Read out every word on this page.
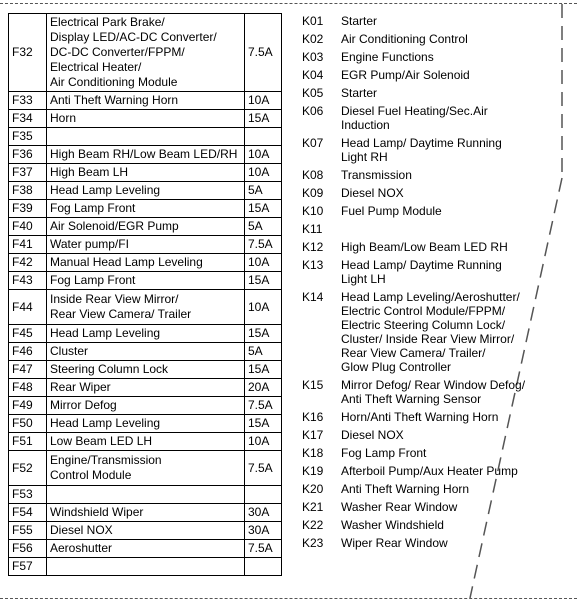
F32	Electrical Park Brake/
Display LED/AC-DC Converter/
DC-DC Converter/FPPM/
Electrical Heater/
Air Conditioning Module	7.5A
F33	Anti Theft Warning Horn	10A
F34	Horn	15A
F35	

F36	High Beam RH/Low Beam LED/RH	10A
F37	High Beam LH	10A
F38	Head Lamp Leveling	5A
F39	Fog Lamp Front	15A
F40	Air Solenoid/EGR Pump	5A
F41	Water pump/FI	7.5A
F42	Manual Head Lamp Leveling	10A
F43	Fog Lamp Front	15A
F44	Inside Rear View Mirror/
Rear View Camera/ Trailer	10A
F45	Head Lamp Leveling	15A
F46	Cluster	5A
F47	Steering Column Lock	15A
F48	Rear Wiper	20A
F49	Mirror Defog	7.5A
F50	Head Lamp Leveling	15A
F51	Low Beam LED LH	10A
F52	Engine/Transmission
Control Module	7.5A
F53	

F54	Windshield Wiper	30A
F55	Diesel NOX	30A
F56	Aeroshutter	7.5A
F57	

K01	Starter
K02	Air Conditioning Control
K03	Engine Functions
K04	EGR Pump/Air Solenoid
K05	Starter
K06	Diesel Fuel Heating/Sec.Air
Induction
K07	Head Lamp/ Daytime Running
Light RH
K08	Transmission
K09	Diesel NOX
K10	Fuel Pump Module
K11

K12	High Beam/Low Beam LED RH
K13	Head Lamp/ Daytime Running
Light LH
K14	Head Lamp Leveling/Aeroshutter/
Electric Control Module/FPPM/
Electric Steering Column Lock/
Cluster/ Inside Rear View Mirror/
Rear View Camera/ Trailer/
Glow Plug Controller
K15	Mirror Defog/ Rear Window Defog/
Anti Theft Warning Sensor
K16	Horn/Anti Theft Warning Horn
K17	Diesel NOX
K18	Fog Lamp Front
K19	Afterboil Pump/Aux Heater Pump
K20	Anti Theft Warning Horn
K21	Washer Rear Window
K22	Washer Windshield
K23	Wiper Rear Window
